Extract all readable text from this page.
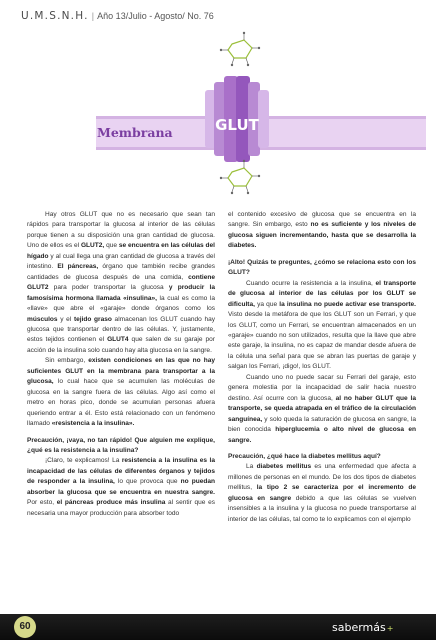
U.M.S.N.H. | Año 13/Julio - Agosto/ No. 76
Membrana	GLUT

Hay otros GLUT que no es necesario que sean tan rápidos para transportar la glucosa al interior de las células porque tienen a su disposición una gran cantidad de glucosa. Uno de ellos es el GLUT2, que se encuentra en las células del hígado y al cual llega una gran cantidad de glucosa a través del intestino. El páncreas, órgano que también recibe grandes cantidades de glucosa después de una comida, contiene GLUT2 para poder transportar la glucosa y producir la famosísima hormona llamada «insulina», la cual es como la «llave» que abre el «garaje» donde órganos como los músculos y el tejido graso almacenan los GLUT cuando hay glucosa que transportar dentro de las células. Y, justamente, estos tejidos contienen el GLUT4 que salen de su garaje por acción de la insulina solo cuando hay alta glucosa en la sangre.

Sin embargo, existen condiciones en las que no hay suficientes GLUT en la membrana para transportar a la glucosa, lo cual hace que se acumulen las moléculas de glucosa en la sangre fuera de las células. Algo así como el metro en horas pico, donde se acumulan personas afuera queriendo entrar a él. Esto está relacionado con un fenómeno llamado «resistencia a la insulina».

Precaución, ¡vaya, no tan rápido! Que alguien me explique, ¿qué es la resistencia a la insulina?

¡Claro, te explicamos! La resistencia a la insulina es la incapacidad de las células de diferentes órganos y tejidos de responder a la insulina, lo que provoca que no puedan absorber la glucosa que se encuentra en nuestra sangre. Por esto, el páncreas produce más insulina al sentir que es necesaria una mayor producción para absorber todo

el contenido excesivo de glucosa que se encuentra en la sangre. Sin embargo, esto no es suficiente y los niveles de glucosa siguen incrementando, hasta que se desarrolla la diabetes.

¡Alto! Quizás te preguntes, ¿cómo se relaciona esto con los GLUT?

Cuando ocurre la resistencia a la insulina, el transporte de glucosa al interior de las células por los GLUT se dificulta, ya que la insulina no puede activar ese transporte. Visto desde la metáfora de que los GLUT son un Ferrari, y que los GLUT, como un Ferrari, se encuentran almacenados en un «garaje» cuando no son utilizados, resulta que la llave que abre este garaje, la insulina, no es capaz de mandar desde afuera de la célula una señal para que se abran las puertas de garaje y salgan los Ferrari, ¡digo!, los GLUT.

Cuando uno no puede sacar su Ferrari del garaje, esto genera molestia por la incapacidad de salir hacia nuestro destino. Así ocurre con la glucosa, al no haber GLUT que la transporte, se queda atrapada en el tráfico de la circulación sanguínea, y solo queda la saturación de glucosa en sangre, la bien conocida hiperglucemia o alto nivel de glucosa en sangre.

Precaución, ¿qué hace la diabetes mellitus aquí?

La diabetes mellitus es una enfermedad que afecta a millones de personas en el mundo. De los dos tipos de diabetes mellitus, la tipo 2 se caracteriza por el incremento de glucosa en sangre debido a que las células se vuelven insensibles a la insulina y la glucosa no puede transportarse al interior de las células, tal como te lo explicamos con el ejemplo

60	sabermás+
